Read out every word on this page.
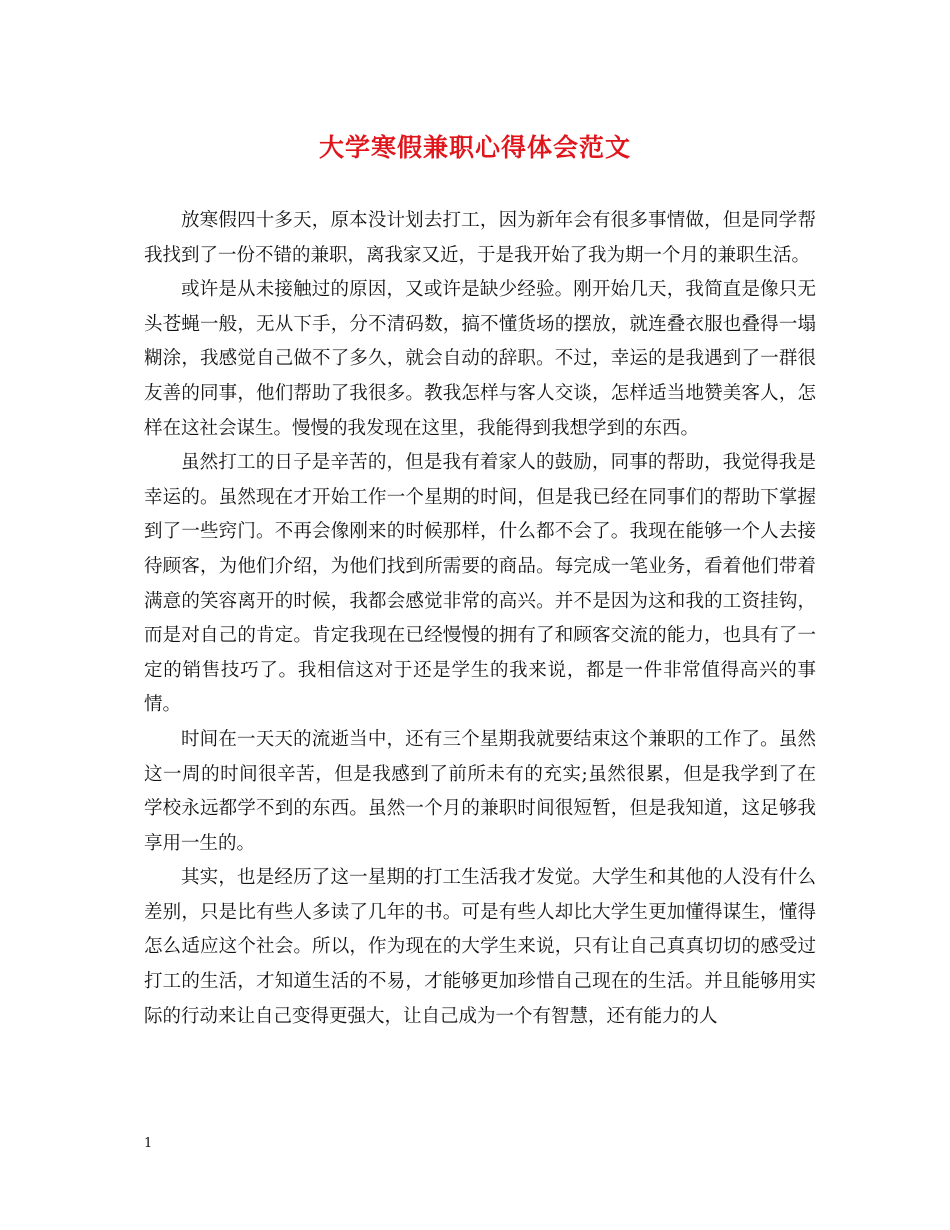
大学寒假兼职心得体会范文

放寒假四十多天，原本没计划去打工，因为新年会有很多事情做，但是同学帮我找到了一份不错的兼职，离我家又近，于是我开始了我为期一个月的兼职生活。

或许是从未接触过的原因，又或许是缺少经验。刚开始几天，我简直是像只无头苍蝇一般，无从下手，分不清码数，搞不懂货场的摆放，就连叠衣服也叠得一塌糊涂，我感觉自己做不了多久，就会自动的辞职。不过，幸运的是我遇到了一群很友善的同事，他们帮助了我很多。教我怎样与客人交谈，怎样适当地赞美客人，怎样在这社会谋生。慢慢的我发现在这里，我能得到我想学到的东西。

虽然打工的日子是辛苦的，但是我有着家人的鼓励，同事的帮助，我觉得我是幸运的。虽然现在才开始工作一个星期的时间，但是我已经在同事们的帮助下掌握到了一些窍门。不再会像刚来的时候那样，什么都不会了。我现在能够一个人去接待顾客，为他们介绍，为他们找到所需要的商品。每完成一笔业务，看着他们带着满意的笑容离开的时候，我都会感觉非常的高兴。并不是因为这和我的工资挂钩，而是对自己的肯定。肯定我现在已经慢慢的拥有了和顾客交流的能力，也具有了一定的销售技巧了。我相信这对于还是学生的我来说，都是一件非常值得高兴的事情。

时间在一天天的流逝当中，还有三个星期我就要结束这个兼职的工作了。虽然这一周的时间很辛苦，但是我感到了前所未有的充实;虽然很累，但是我学到了在学校永远都学不到的东西。虽然一个月的兼职时间很短暂，但是我知道，这足够我享用一生的。

其实，也是经历了这一星期的打工生活我才发觉。大学生和其他的人没有什么差别，只是比有些人多读了几年的书。可是有些人却比大学生更加懂得谋生，懂得怎么适应这个社会。所以，作为现在的大学生来说，只有让自己真真切切的感受过打工的生活，才知道生活的不易，才能够更加珍惜自己现在的生活。并且能够用实际的行动来让自己变得更强大，让自己成为一个有智慧，还有能力的人

1
